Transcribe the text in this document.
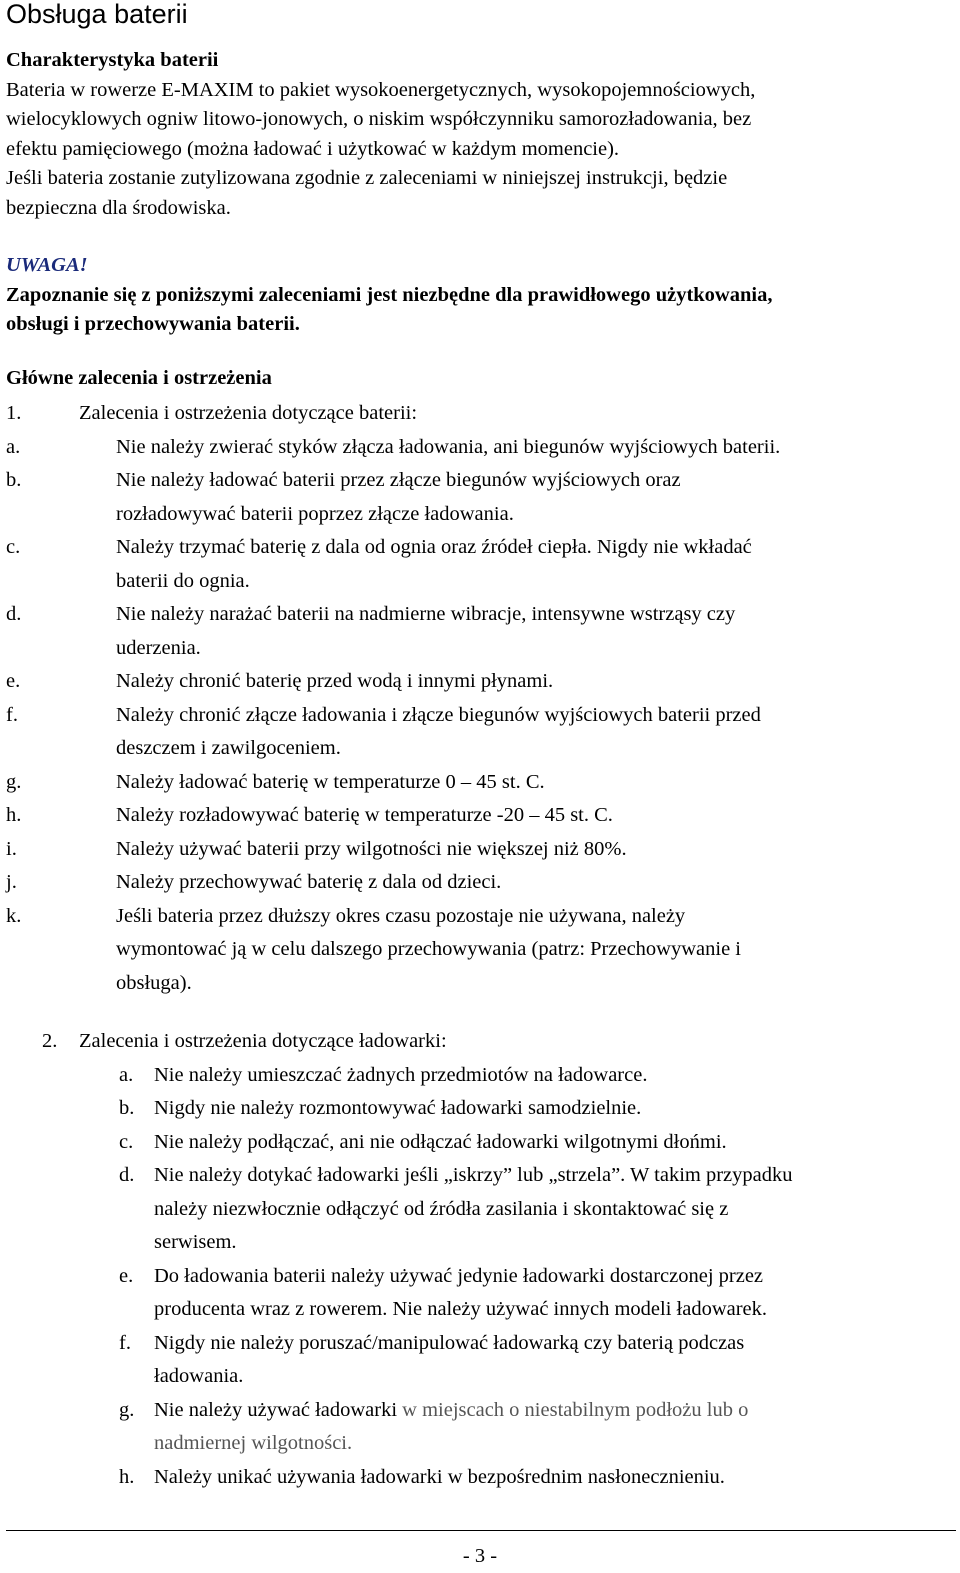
Obsługa baterii

Charakterystyka baterii

Bateria w rowerze E-MAXIM to pakiet wysokoenergetycznych, wysokopojemnościowych,

wielocyklowych ogniw litowo-jonowych, o niskim współczynniku samorozładowania, bez

efektu pamięciowego (można ładować i użytkować w każdym momencie).

Jeśli bateria zostanie zutylizowana zgodnie z zaleceniami w niniejszej instrukcji, będzie

bezpieczna dla środowiska.

UWAGA!

Zapoznanie się z poniższymi zaleceniami jest niezbędne dla prawidłowego użytkowania,

obsługi i przechowywania baterii.

Główne zalecenia i ostrzeżenia

1.	Zalecenia i ostrzeżenia dotyczące baterii:
a.	Nie należy zwierać styków złącza ładowania, ani biegunów wyjściowych baterii.
b.	Nie należy ładować baterii przez złącze biegunów wyjściowych oraz
rozładowywać baterii poprzez złącze ładowania.
c.	Należy trzymać baterię z dala od ognia oraz źródeł ciepła. Nigdy nie wkładać
baterii do ognia.
d.	Nie należy narażać baterii na nadmierne wibracje, intensywne wstrząsy czy
uderzenia.
e.	Należy chronić baterię przed wodą i innymi płynami.
f.	Należy chronić złącze ładowania i złącze biegunów wyjściowych baterii przed
deszczem i zawilgoceniem.
g.	Należy ładować baterię w temperaturze 0 – 45 st. C.
h.	Należy rozładowywać baterię w temperaturze -20 – 45 st. C.
i.	Należy używać baterii przy wilgotności nie większej niż 80%.
j.	Należy przechowywać baterię z dala od dzieci.
k.	Jeśli bateria przez dłuższy okres czasu pozostaje nie używana, należy
wymontować ją w celu dalszego przechowywania (patrz: Przechowywanie i
obsługa).
2. Zalecenia i ostrzeżenia dotyczące ładowarki:
a.	Nie należy umieszczać żadnych przedmiotów na ładowarce.
b. Nigdy nie należy rozmontowywać ładowarki samodzielnie.
c.	Nie należy podłączać, ani nie odłączać ładowarki wilgotnymi dłońmi.
d. Nie należy dotykać ładowarki jeśli „iskrzy” lub „strzela”. W takim przypadku
należy niezwłocznie odłączyć od źródła zasilania i skontaktować się z
serwisem.
e.	Do ładowania baterii należy używać jedynie ładowarki dostarczonej przez
producenta wraz z rowerem. Nie należy używać innych modeli ładowarek.
f.	Nigdy nie należy poruszać/manipulować ładowarką czy baterią podczas
ładowania.
g. Nie należy używać ładowarki w miejscach o niestabilnym podłożu lub o
nadmiernej wilgotności.
h. Należy unikać używania ładowarki w bezpośrednim nasłonecznieniu.
- 3 -
